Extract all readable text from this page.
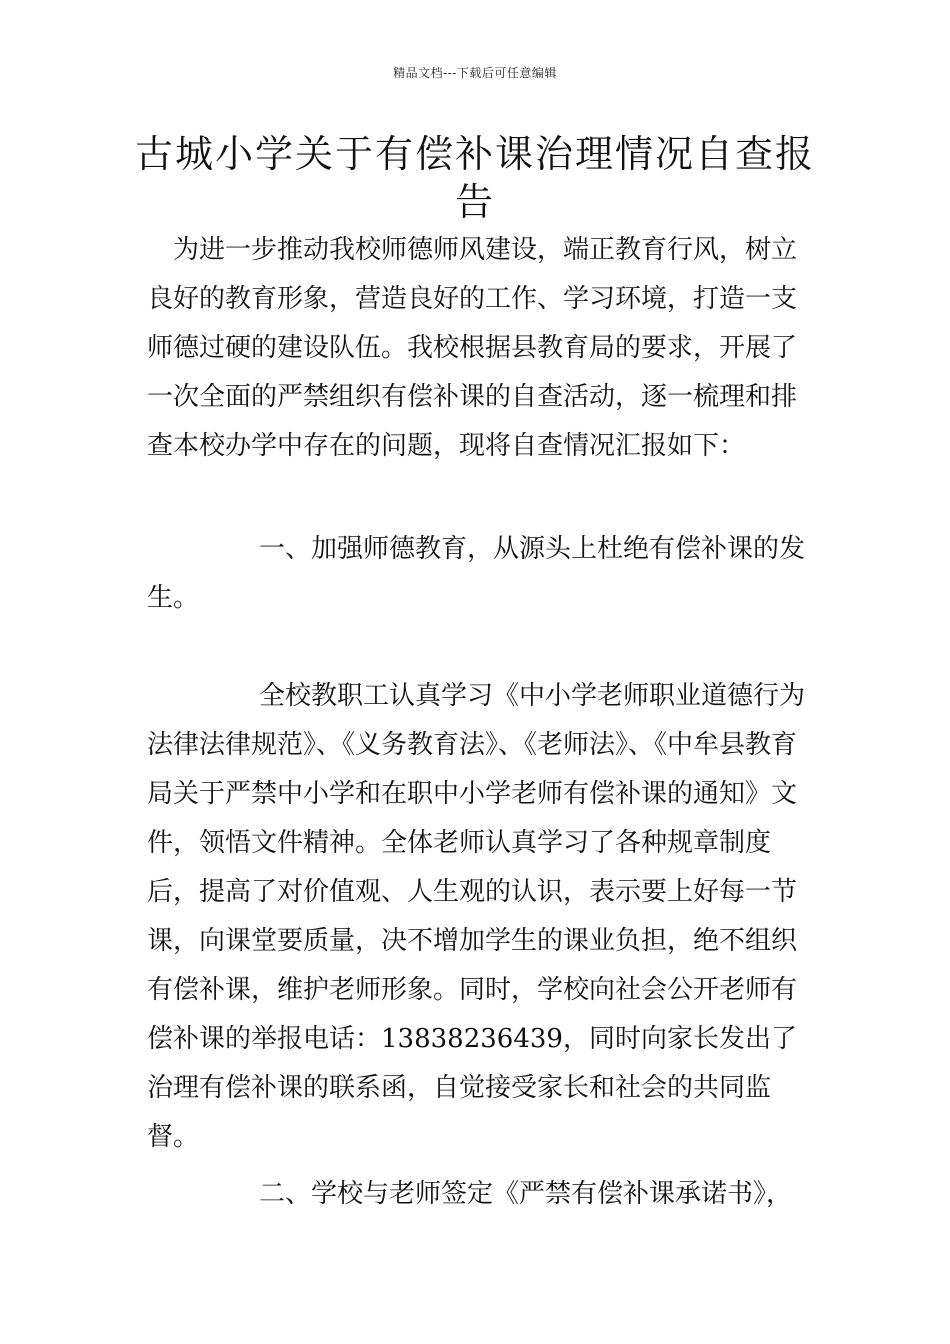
精品文档---下载后可任意编辑
古城小学关于有偿补课治理情况自查报告

为进一步推动我校师德师风建设，端正教育行风，树立良好的教育形象，营造良好的工作、学习环境，打造一支师德过硬的建设队伍。我校根据县教育局的要求，开展了一次全面的严禁组织有偿补课的自查活动，逐一梳理和排查本校办学中存在的问题，现将自查情况汇报如下：

一、加强师德教育，从源头上杜绝有偿补课的发生。

全校教职工认真学习《中小学老师职业道德行为法律法律规范》、《义务教育法》、《老师法》、《中牟县教育局关于严禁中小学和在职中小学老师有偿补课的通知》文件，领悟文件精神。全体老师认真学习了各种规章制度后，提高了对价值观、人生观的认识，表示要上好每一节课，向课堂要质量，决不增加学生的课业负担，绝不组织有偿补课，维护老师形象。同时，学校向社会公开老师有偿补课的举报电话：13838236439，同时向家长发出了治理有偿补课的联系函，自觉接受家长和社会的共同监督。

二、学校与老师签定《严禁有偿补课承诺书》，
